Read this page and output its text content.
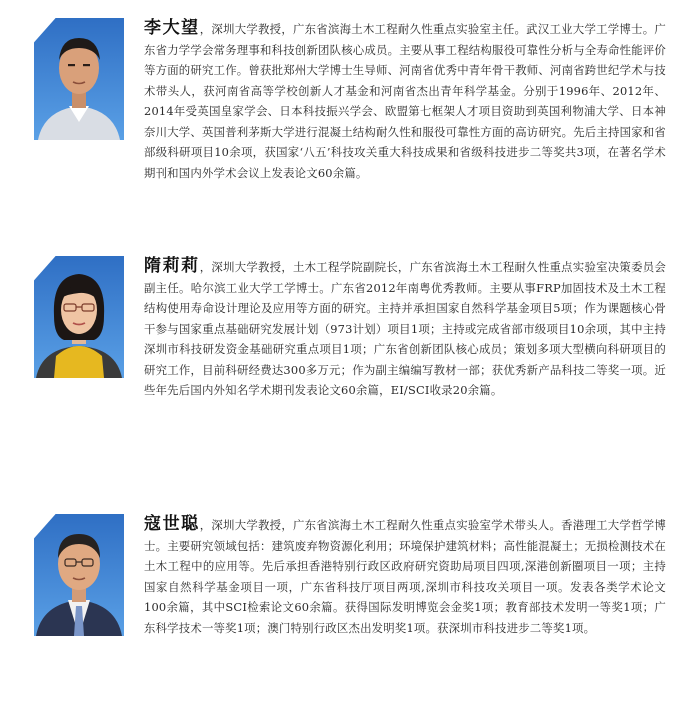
李大望，深圳大学教授，广东省滨海土木工程耐久性重点实验室主任。武汉工业大学工学博士。广东省力学学会常务理事和科技创新团队核心成员。主要从事工程结构服役可靠性分析与全寿命性能评价等方面的研究工作。曾获批郑州大学博士生导师、河南省优秀中青年骨干教师、河南省跨世纪学术与技术带头人，获河南省高等学校创新人才基金和河南省杰出青年科学基金。分别于1996年、2012年、2014年受英国皇家学会、日本科技振兴学会、欧盟第七框架人才项目资助到英国利物浦大学、日本神奈川大学、英国普利茅斯大学进行混凝土结构耐久性和服役可靠性方面的高访研究。先后主持国家和省部级科研项目10余项，获国家‘八五’科技攻关重大科技成果和省级科技进步二等奖共3项，在著名学术期刊和国内外学术会议上发表论文60余篇。
隋莉莉，深圳大学教授，土木工程学院副院长，广东省滨海土木工程耐久性重点实验室决策委员会副主任。哈尔滨工业大学工学博士。广东省2012年南粤优秀教师。主要从事FRP加固技术及土木工程结构使用寿命设计理论及应用等方面的研究。主持并承担国家自然科学基金项目5项；作为课题核心骨干参与国家重点基础研究发展计划（973计划）项目1项；主持或完成省部市级项目10余项，其中主持深圳市科技研发资金基础研究重点项目1项；广东省创新团队核心成员；策划多项大型横向科研项目的研究工作，目前科研经费达300多万元；作为副主编编写教材一部；获优秀新产品科技二等奖一项。近些年先后国内外知名学术期刊发表论文60余篇，EI/SCI收录20余篇。
寇世聪，深圳大学教授，广东省滨海土木工程耐久性重点实验室学术带头人。香港理工大学哲学博士。主要研究领域包括：建筑废弃物资源化利用；环境保护建筑材料；高性能混凝土；无损检测技术在土木工程中的应用等。先后承担香港特别行政区政府研究资助局项目四项,深港创新圈项目一项；主持国家自然科学基金项目一项，广东省科技厅项目两项,深圳市科技攻关项目一项。发表各类学术论文100余篇，其中SCI检索论文60余篇。获得国际发明博览会金奖1项；教育部技术发明一等奖1项；广东科学技术一等奖1项；澳门特别行政区杰出发明奖1项。获深圳市科技进步二等奖1项。
